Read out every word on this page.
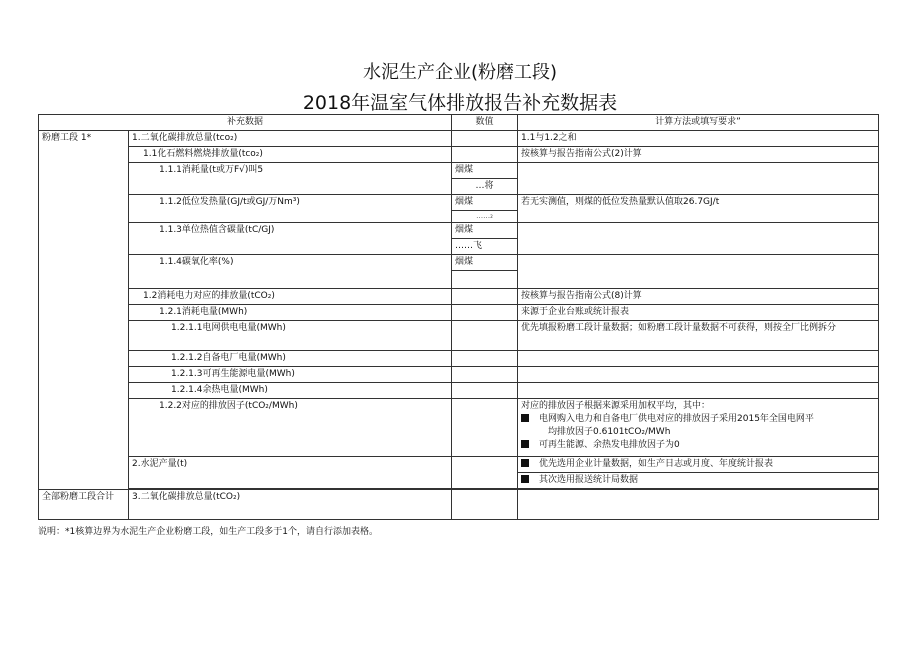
水泥生产企业(粉磨工段)
2018年温室气体排放报告补充数据表
补充数据		数值	计算方法或填写要求”
粉磨工段 1*	1.二氧化碳排放总量(tco₂)		1.1与1.2之和
	1.1化石燃料燃烧排放量(tco₂)		按核算与报告指南公式(2)计算
	1.1.1消耗量(t或万F√)叫5	烟煤	
		…将	
	1.1.2低位发热量(GJ/t或GJ/万Nm³)	烟煤	若无实测值，则煤的低位发热量默认值取26.7GJ/t
		……₂	
	1.1.3单位热值含碳量(tC/GJ)	烟煤	
		……飞	
	1.1.4碳氧化率(%)	烟煤	

	1.2消耗电力对应的排放量(tCO₂)		按核算与报告指南公式(8)计算
	1.2.1消耗电量(MWh)		来源于企业台账或统计报表
	1.2.1.1电网供电电量(MWh)		优先填报粉磨工段计量数据；如粉磨工段计量数据不可获得，则按全厂比例拆分
	1.2.1.2自备电厂电量(MWh)		
	1.2.1.3可再生能源电量(MWh)		
	1.2.1.4余热电量(MWh)		
	1.2.2对应的排放因子(tCO₂/MWh)		对应的排放因子根据来源采用加权平均，其中：
电网购入电力和自备电厂供电对应的排放因子采用2015年全国电网平

均排放因子0.6101tCO₂/MWh
可再生能源、余热发电排放因子为0
	2.水泥产量(t)		优先选用企业计量数据，如生产日志或月度、年度统计报表
			其次选用报送统计局数据

全部粉磨工段合计	3.二氧化碳排放总量(tCO₂)		
说明：*1核算边界为水泥生产企业粉磨工段，如生产工段多于1个，请自行添加表格。
